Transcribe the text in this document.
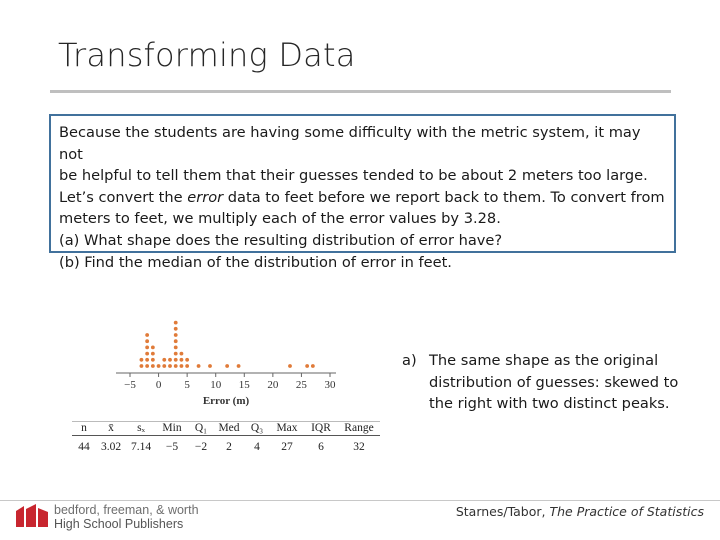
Transforming Data

Because the students are having some difficulty with the metric system, it may not

be helpful to tell them that their guesses tended to be about 2 meters too large.

Let’s convert the error data to feet before we report back to them. To convert from

meters to feet, we multiply each of the error values by 3.28.

(a) What shape does the resulting distribution of error have?

(b) Find the median of the distribution of error in feet.

−5 0 5 10 15 20 25 30
Error (m)
n	x̄	sₓ	Min	Q₁	Med	Q₃	Max	IQR	Range
44	3.02	7.14	−5	−2	2	4	27	6	32
a) The same shape as the original
distribution of guesses: skewed to
the right with two distinct peaks.
bedford, freeman, & worth
High School Publishers
Starnes/Tabor, The Practice of Statistics
